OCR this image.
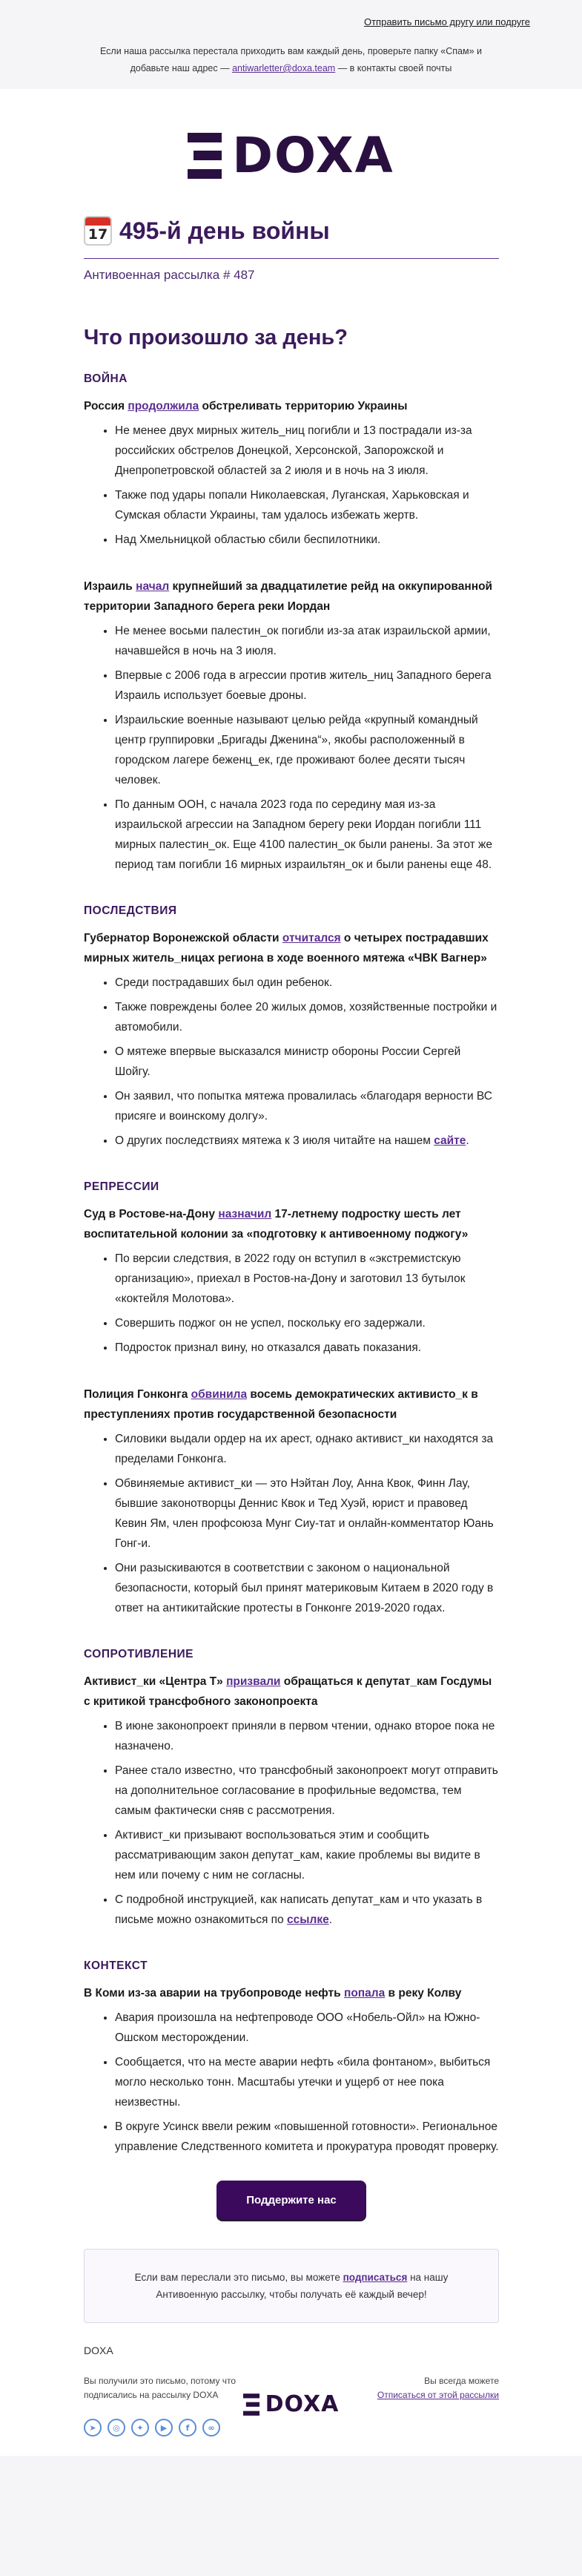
Отправить письмо другу или подруге
Если наша рассылка перестала приходить вам каждый день, проверьте папку «Спам» и добавьте наш адрес — antiwarletter@doxa.team — в контакты своей почты
DOXA
17 495-й день войны
Антивоенная рассылка # 487
Что произошло за день?
ВОЙНА
Россия продолжила обстреливать территорию Украины
• Не менее двух мирных житель_ниц погибли и 13 пострадали из-за российских обстрелов Донецкой, Херсонской, Запорожской и Днепропетровской областей за 2 июля и в ночь на 3 июля.
• Также под удары попали Николаевская, Луганская, Харьковская и Сумская области Украины, там удалось избежать жертв.
• Над Хмельницкой областью сбили беспилотники.
Израиль начал крупнейший за двадцатилетие рейд на оккупированной территории Западного берега реки Иордан
• Не менее восьми палестин_ок погибли из-за атак израильской армии, начавшейся в ночь на 3 июля.
• Впервые с 2006 года в агрессии против житель_ниц Западного берега Израиль использует боевые дроны.
• Израильские военные называют целью рейда «крупный командный центр группировки „Бригады Дженина“», якобы расположенный в городском лагере беженц_ек, где проживают более десяти тысяч человек.
• По данным ООН, с начала 2023 года по середину мая из-за израильской агрессии на Западном берегу реки Иордан погибли 111 мирных палестин_ок. Еще 4100 палестин_ок были ранены. За этот же период там погибли 16 мирных израильтян_ок и были ранены еще 48.
ПОСЛЕДСТВИЯ
Губернатор Воронежской области отчитался о четырех пострадавших мирных житель_ницах региона в ходе военного мятежа «ЧВК Вагнер»
• Среди пострадавших был один ребенок.
• Также повреждены более 20 жилых домов, хозяйственные постройки и автомобили.
• О мятеже впервые высказался министр обороны России Сергей Шойгу.
• Он заявил, что попытка мятежа провалилась «благодаря верности ВС присяге и воинскому долгу».
• О других последствиях мятежа к 3 июля читайте на нашем сайте.
РЕПРЕССИИ
Суд в Ростове-на-Дону назначил 17-летнему подростку шесть лет воспитательной колонии за «подготовку к антивоенному поджогу»
• По версии следствия, в 2022 году он вступил в «экстремистскую организацию», приехал в Ростов-на-Дону и заготовил 13 бутылок «коктейля Молотова».
• Совершить поджог он не успел, поскольку его задержали.
• Подросток признал вину, но отказался давать показания.
Полиция Гонконга обвинила восемь демократических активисто_к в преступлениях против государственной безопасности
• Силовики выдали ордер на их арест, однако активист_ки находятся за пределами Гонконга.
• Обвиняемые активист_ки — это Нэйтан Лоу, Анна Квок, Финн Лау, бывшие законотворцы Деннис Квок и Тед Хуэй, юрист и правовед Кевин Ям, член профсоюза Мунг Сиу-тат и онлайн-комментатор Юань Гонг-и.
• Они разыскиваются в соответствии с законом о национальной безопасности, который был принят материковым Китаем в 2020 году в ответ на антикитайские протесты в Гонконге 2019-2020 годах.
СОПРОТИВЛЕНИЕ
Активист_ки «Центра Т» призвали обращаться к депутат_кам Госдумы с критикой трансфобного законопроекта
• В июне законопроект приняли в первом чтении, однако второе пока не назначено.
• Ранее стало известно, что трансфобный законопроект могут отправить на дополнительное согласование в профильные ведомства, тем самым фактически сняв с рассмотрения.
• Активист_ки призывают воспользоваться этим и сообщить рассматривающим закон депутат_кам, какие проблемы вы видите в нем или почему с ним не согласны.
• С подробной инструкцией, как написать депутат_кам и что указать в письме можно ознакомиться по ссылке.
КОНТЕКСТ
В Коми из-за аварии на трубопроводе нефть попала в реку Колву
• Авария произошла на нефтепроводе ООО «Нобель-Ойл» на Южно-Ошском месторождении.
• Сообщается, что на месте аварии нефть «била фонтаном», выбиться могло несколько тонн. Масштабы утечки и ущерб от нее пока неизвестны.
• В округе Усинск ввели режим «повышенной готовности». Региональное управление Следственного комитета и прокуратура проводят проверку.
Поддержите нас
Если вам переслали это письмо, вы можете подписаться на нашу Антивоенную рассылку, чтобы получать её каждый вечер!
DOXA
Вы получили это письмо, потому что подписались на рассылку DOXA
Вы всегда можете
Отписаться от этой рассылки
➤	◎	✦	▶	f	∞
DOXA
